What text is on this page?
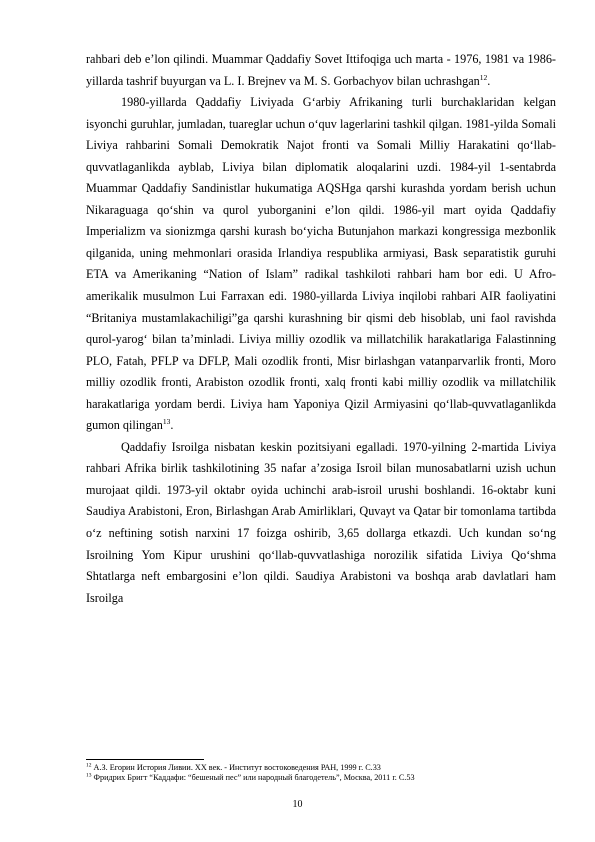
rahbari deb e’lon qilindi. Muammar Qaddafiy Sovet Ittifoqiga uch marta - 1976, 1981 va 1986-yillarda tashrif buyurgan va L. I. Brejnev va M. S. Gorbachyov bilan uchrashgan$^{12}$.

1980-yillarda Qaddafiy Liviyada G‘arbiy Afrikaning turli burchaklaridan kelgan isyonchi guruhlar, jumladan, tuareglar uchun o‘quv lagerlarini tashkil qilgan. 1981-yilda Somali Liviya rahbarini Somali Demokratik Najot fronti va Somali Milliy Harakatini qo‘llab-quvvatlaganlikda ayblab, Liviya bilan diplomatik aloqalarini uzdi. 1984-yil 1-sentabrda Muammar Qaddafiy Sandinistlar hukumatiga AQSHga qarshi kurashda yordam berish uchun Nikaraguaga qo‘shin va qurol yuborganini e’lon qildi. 1986-yil mart oyida Qaddafiy Imperializm va sionizmga qarshi kurash bo‘yicha Butunjahon markazi kongressiga mezbonlik qilganida, uning mehmonlari orasida Irlandiya respublika armiyasi, Bask separatistik guruhi ETA va Amerikaning “Nation of Islam” radikal tashkiloti rahbari ham bor edi. U Afro-amerikalik musulmon Lui Farraxan edi. 1980-yillarda Liviya inqilobi rahbari AIR faoliyatini “Britaniya mustamlakachiligi”ga qarshi kurashning bir qismi deb hisoblab, uni faol ravishda qurol-yarog‘ bilan ta’minladi. Liviya milliy ozodlik va millatchilik harakatlariga Falastinning PLO, Fatah, PFLP va DFLP, Mali ozodlik fronti, Misr birlashgan vatanparvarlik fronti, Moro milliy ozodlik fronti, Arabiston ozodlik fronti, xalq fronti kabi milliy ozodlik va millatchilik harakatlariga yordam berdi. Liviya ham Yaponiya Qizil Armiyasini qo‘llab-quvvatlaganlikda gumon qilingan$^{13}$.

Qaddafiy Isroilga nisbatan keskin pozitsiyani egalladi. 1970-yilning 2-martida Liviya rahbari Afrika birlik tashkilotining 35 nafar a’zosiga Isroil bilan munosabatlarni uzish uchun murojaat qildi. 1973-yil oktabr oyida uchinchi arab-isroil urushi boshlandi. 16-oktabr kuni Saudiya Arabistoni, Eron, Birlashgan Arab Amirliklari, Quvayt va Qatar bir tomonlama tartibda o‘z neftining sotish narxini 17 foizga oshirib, 3,65 dollarga etkazdi. Uch kundan so‘ng Isroilning Yom Kipur urushini qo‘llab-quvvatlashiga norozilik sifatida Liviya Qo‘shma Shtatlarga neft embargosini e’lon qildi. Saudiya Arabistoni va boshqa arab davlatlari ham Isroilga

$^{12}$ А.З. Егорин История Ливии. ХХ век. - Институт востоковедения РАН, 1999 г. С.33

$^{13}$ Фридрих Бригт “Каддафи: “бешеный пес” или народный благодетель”, Москва, 2011 г. С.53

10
